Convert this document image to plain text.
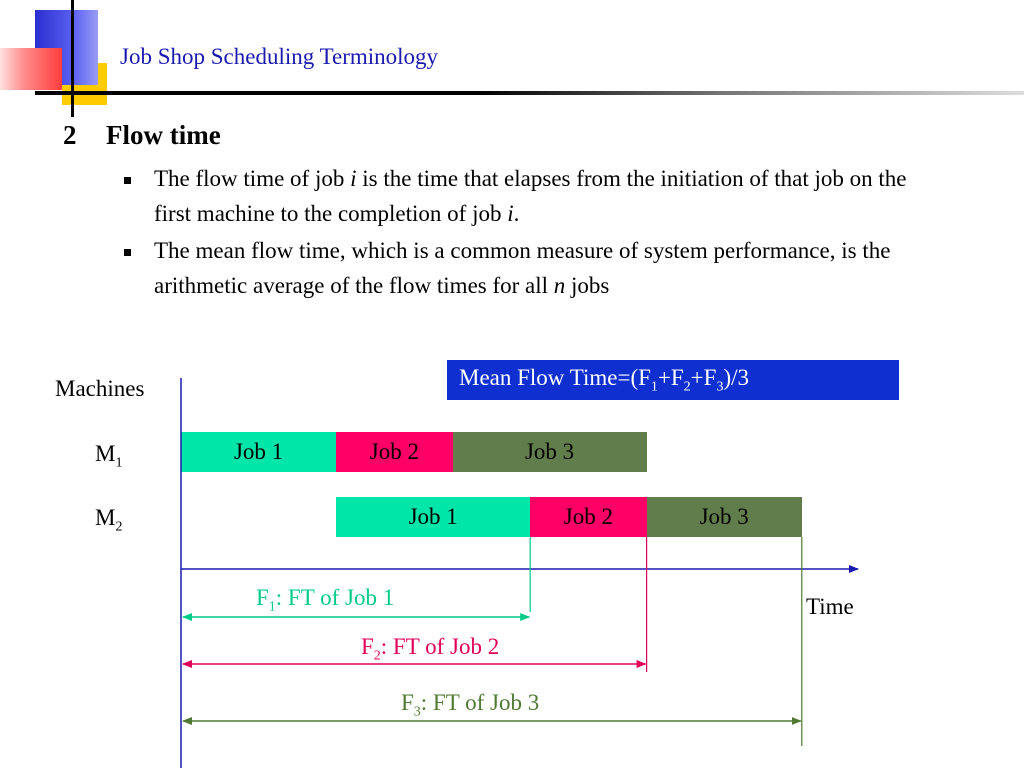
Job Shop Scheduling Terminology
2 Flow time
The flow time of job i is the time that elapses from the initiation of that job on the first machine to the completion of job i.
The mean flow time, which is a common measure of system performance, is the arithmetic average of the flow times for all n jobs
Machines
$M_1$
$M_2$
Time
Mean Flow $Time=(F_1+F_2+F_3)/3$
Job 1	Job 2	Job 3
Job 1	Job 2	Job 3
$F_1$: FT of Job 1
$F_2$: FT of Job 2
$F_3$: FT of Job 3
